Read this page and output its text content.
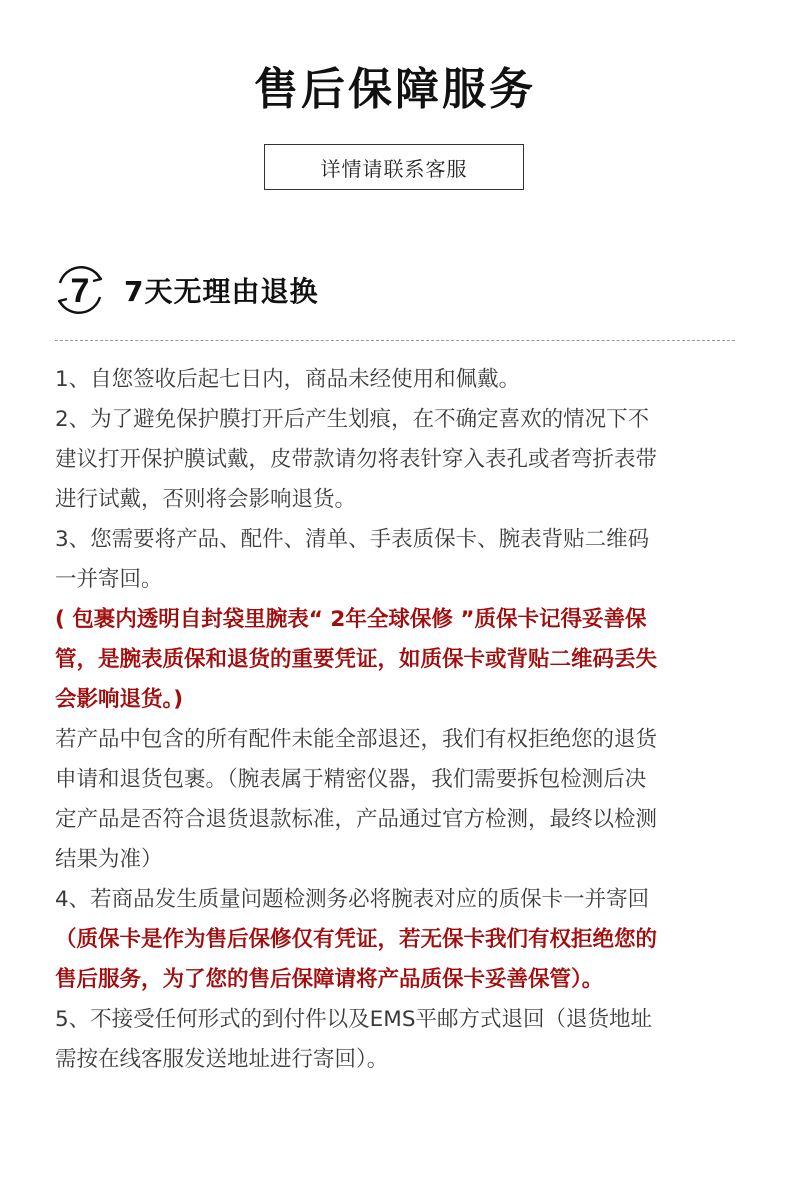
售后保障服务
详情请联系客服
7 7天无理由退换
1、自您签收后起七日内，商品未经使用和佩戴。
2、为了避免保护膜打开后产生划痕，在不确定喜欢的情况下不
建议打开保护膜试戴，皮带款请勿将表针穿入表孔或者弯折表带
进行试戴，否则将会影响退货。
3、您需要将产品、配件、清单、手表质保卡、腕表背贴二维码
一并寄回。
( 包裹内透明自封袋里腕表“ 2年全球保修 ”质保卡记得妥善保
管，是腕表质保和退货的重要凭证，如质保卡或背贴二维码丢失
会影响退货。)
若产品中包含的所有配件未能全部退还，我们有权拒绝您的退货
申请和退货包裹。（腕表属于精密仪器，我们需要拆包检测后决
定产品是否符合退货退款标准，产品通过官方检测，最终以检测
结果为准）
4、若商品发生质量问题检测务必将腕表对应的质保卡一并寄回
（质保卡是作为售后保修仅有凭证，若无保卡我们有权拒绝您的
售后服务，为了您的售后保障请将产品质保卡妥善保管）。
5、不接受任何形式的到付件以及EMS平邮方式退回（退货地址
需按在线客服发送地址进行寄回）。
